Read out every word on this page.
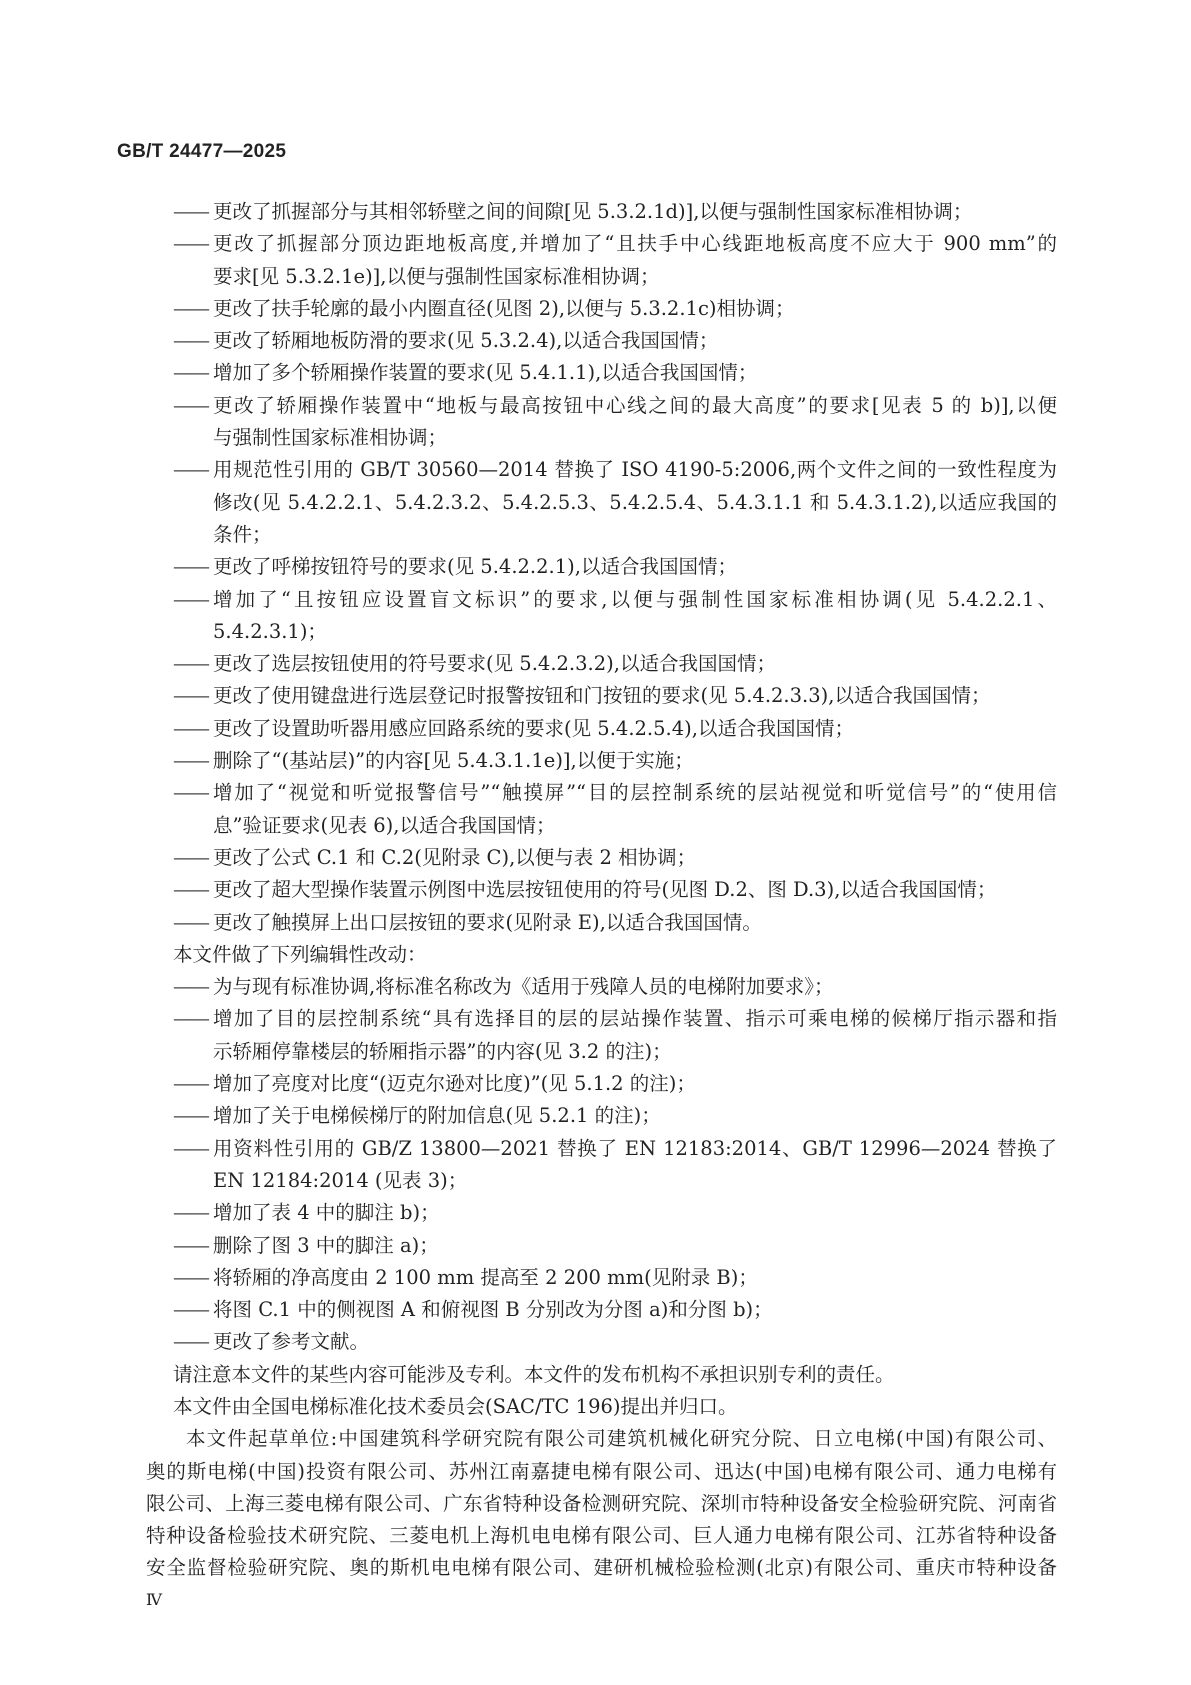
GB/T 24477—2025
—— 更改了抓握部分与其相邻轿壁之间的间隙[见 5.3.2.1d)],以便与强制性国家标准相协调；
—— 更改了抓握部分顶边距地板高度,并增加了“且扶手中心线距地板高度不应大于 900 mm”的
要求[见 5.3.2.1e)],以便与强制性国家标准相协调；
—— 更改了扶手轮廓的最小内圈直径(见图 2),以便与 5.3.2.1c)相协调；
—— 更改了轿厢地板防滑的要求(见 5.3.2.4),以适合我国国情；
—— 增加了多个轿厢操作装置的要求(见 5.4.1.1),以适合我国国情；
—— 更改了轿厢操作装置中“地板与最高按钮中心线之间的最大高度”的要求[见表 5 的 b)],以便
与强制性国家标准相协调；
—— 用规范性引用的 GB/T 30560—2014 替换了 ISO 4190-5:2006,两个文件之间的一致性程度为
修改(见 5.4.2.2.1、5.4.2.3.2、5.4.2.5.3、5.4.2.5.4、5.4.3.1.1 和 5.4.3.1.2),以适应我国的
条件；
—— 更改了呼梯按钮符号的要求(见 5.4.2.2.1),以适合我国国情；
—— 增加了“且按钮应设置盲文标识”的要求,以便与强制性国家标准相协调(见 5.4.2.2.1、
5.4.2.3.1)；
—— 更改了选层按钮使用的符号要求(见 5.4.2.3.2),以适合我国国情；
—— 更改了使用键盘进行选层登记时报警按钮和门按钮的要求(见 5.4.2.3.3),以适合我国国情；
—— 更改了设置助听器用感应回路系统的要求(见 5.4.2.5.4),以适合我国国情；
—— 删除了“(基站层)”的内容[见 5.4.3.1.1e)],以便于实施；
—— 增加了“视觉和听觉报警信号”“触摸屏”“目的层控制系统的层站视觉和听觉信号”的“使用信
息”验证要求(见表 6),以适合我国国情；
—— 更改了公式 C.1 和 C.2(见附录 C),以便与表 2 相协调；
—— 更改了超大型操作装置示例图中选层按钮使用的符号(见图 D.2、图 D.3),以适合我国国情；
—— 更改了触摸屏上出口层按钮的要求(见附录 E),以适合我国国情。
本文件做了下列编辑性改动：
—— 为与现有标准协调,将标准名称改为《适用于残障人员的电梯附加要求》；
—— 增加了目的层控制系统“具有选择目的层的层站操作装置、指示可乘电梯的候梯厅指示器和指
示轿厢停靠楼层的轿厢指示器”的内容(见 3.2 的注)；
—— 增加了亮度对比度“(迈克尔逊对比度)”(见 5.1.2 的注)；
—— 增加了关于电梯候梯厅的附加信息(见 5.2.1 的注)；
—— 用资料性引用的 GB/Z 13800—2021 替换了 EN 12183:2014、GB/T 12996—2024 替换了
EN 12184:2014 (见表 3)；
—— 增加了表 4 中的脚注 b)；
—— 删除了图 3 中的脚注 a)；
—— 将轿厢的净高度由 2 100 mm 提高至 2 200 mm(见附录 B)；
—— 将图 C.1 中的侧视图 A 和俯视图 B 分别改为分图 a)和分图 b)；
—— 更改了参考文献。
请注意本文件的某些内容可能涉及专利。本文件的发布机构不承担识别专利的责任。
本文件由全国电梯标准化技术委员会(SAC/TC 196)提出并归口。
本文件起草单位:中国建筑科学研究院有限公司建筑机械化研究分院、日立电梯(中国)有限公司、
奥的斯电梯(中国)投资有限公司、苏州江南嘉捷电梯有限公司、迅达(中国)电梯有限公司、通力电梯有
限公司、上海三菱电梯有限公司、广东省特种设备检测研究院、深圳市特种设备安全检验研究院、河南省
特种设备检验技术研究院、三菱电机上海机电电梯有限公司、巨人通力电梯有限公司、江苏省特种设备
安全监督检验研究院、奥的斯机电电梯有限公司、建研机械检验检测(北京)有限公司、重庆市特种设备
Ⅳ
